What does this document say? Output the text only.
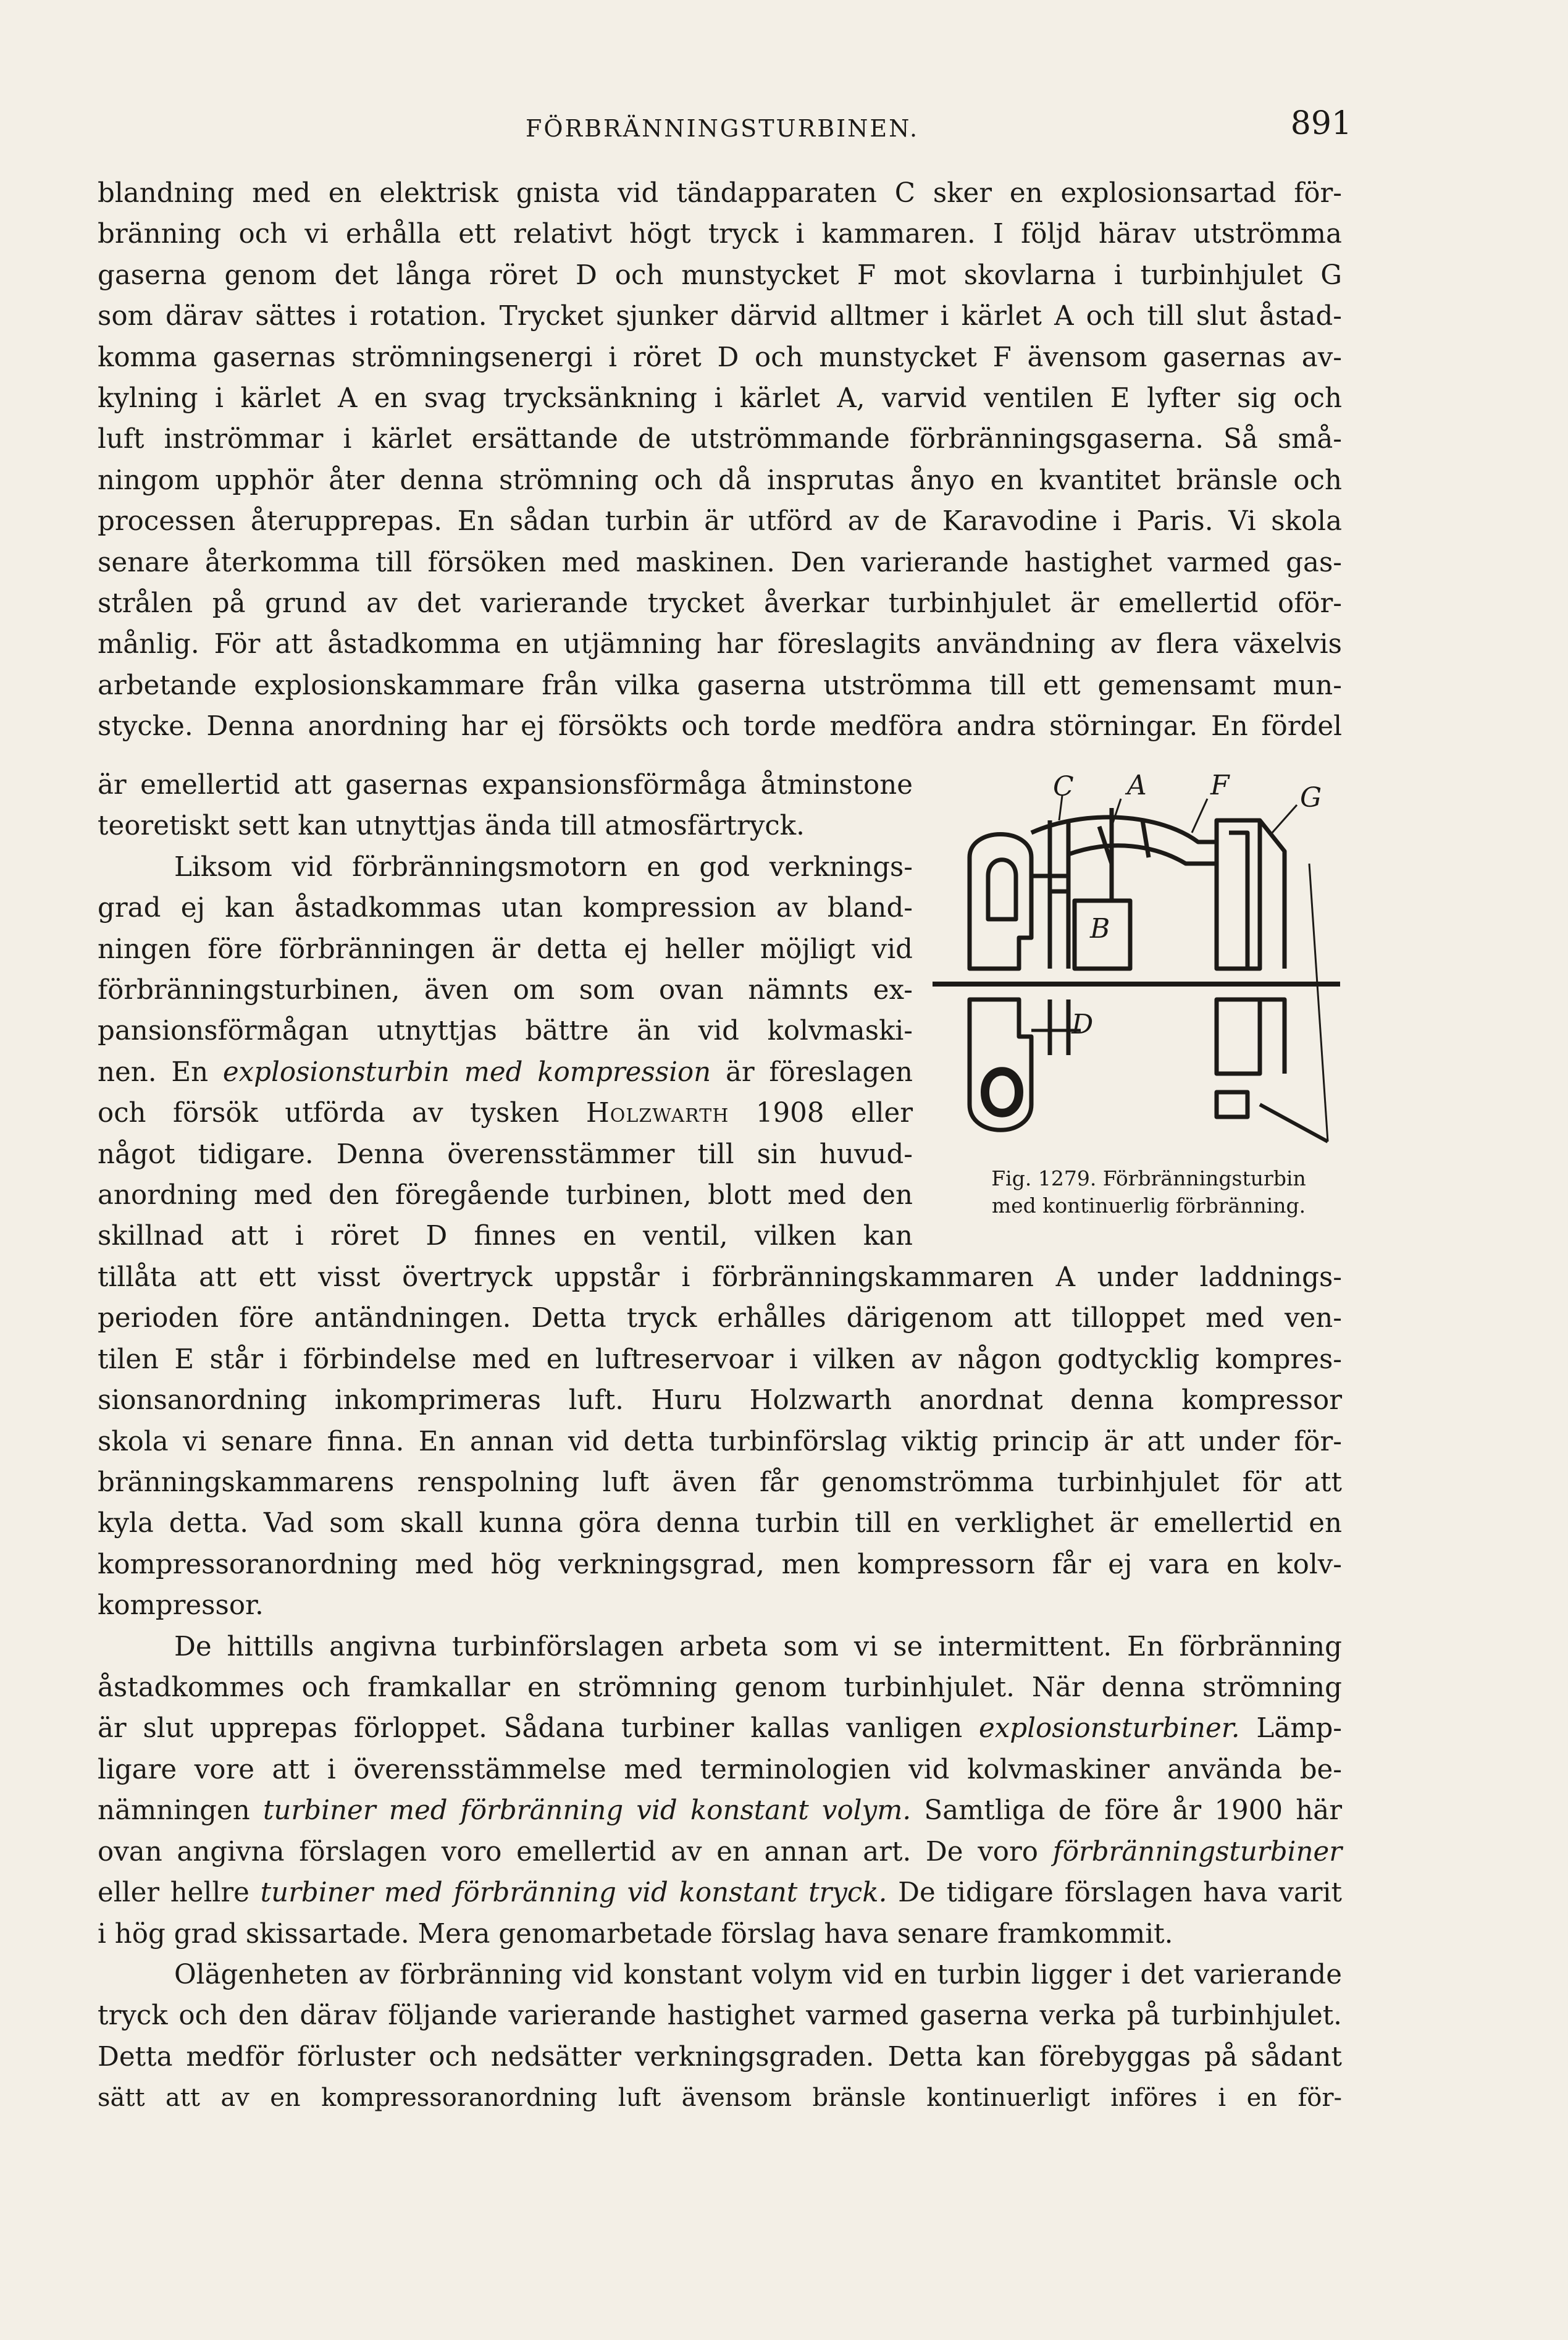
FÖRBRÄNNINGSTURBINEN.	891

blandning med en elektrisk gnista vid tändapparaten C sker en explosionsartad för-
bränning och vi erhålla ett relativt högt tryck i kammaren. I följd härav utströmma
gaserna genom det långa röret D och munstycket F mot skovlarna i turbinhjulet G
som därav sättes i rotation. Trycket sjunker därvid alltmer i kärlet A och till slut åstad-
komma gasernas strömningsenergi i röret D och munstycket F ävensom gasernas av-
kylning i kärlet A en svag trycksänkning i kärlet A, varvid ventilen E lyfter sig och
luft inströmmar i kärlet ersättande de utströmmande förbränningsgaserna. Så små-
ningom upphör åter denna strömning och då insprutas ånyo en kvantitet bränsle och
processen återupprepas. En sådan turbin är utförd av de Karavodine i Paris. Vi skola
senare återkomma till försöken med maskinen. Den varierande hastighet varmed gas-
strålen på grund av det varierande trycket åverkar turbinhjulet är emellertid oför-
månlig. För att åstadkomma en utjämning har föreslagits användning av flera växelvis
arbetande explosionskammare från vilka gaserna utströmma till ett gemensamt mun-
stycke. Denna anordning har ej försökts och torde medföra andra störningar. En fördel

är emellertid att gasernas expansionsförmåga åtminstone
teoretiskt sett kan utnyttjas ända till atmosfärtryck.
Liksom vid förbränningsmotorn en god verknings-
grad ej kan åstadkommas utan kompression av bland-
ningen före förbränningen är detta ej heller möjligt vid
förbränningsturbinen, även om som ovan nämnts ex-
pansionsförmågan utnyttjas bättre än vid kolvmaski-
nen. En explosionsturbin med kompression är föreslagen
och försök utförda av tysken Holzwarth 1908 eller
något tidigare. Denna överensstämmer till sin huvud-
anordning med den föregående turbinen, blott med den
skillnad att i röret D finnes en ventil, vilken kan
C A F	G
B
D
Fig. 1279. Förbränningsturbin
med kontinuerlig förbränning.

tillåta att ett visst övertryck uppstår i förbränningskammaren A under laddnings-
perioden före antändningen. Detta tryck erhålles därigenom att tilloppet med ven-
tilen E står i förbindelse med en luftreservoar i vilken av någon godtycklig kompres-
sionsanordning inkomprimeras luft. Huru Holzwarth anordnat denna kompressor
skola vi senare finna. En annan vid detta turbinförslag viktig princip är att under för-
bränningskammarens renspolning luft även får genomströmma turbinhjulet för att
kyla detta. Vad som skall kunna göra denna turbin till en verklighet är emellertid en
kompressoranordning med hög verkningsgrad, men kompressorn får ej vara en kolv-
kompressor.

De hittills angivna turbinförslagen arbeta som vi se intermittent. En förbränning
åstadkommes och framkallar en strömning genom turbinhjulet. När denna strömning
är slut upprepas förloppet. Sådana turbiner kallas vanligen explosionsturbiner. Lämp-
ligare vore att i överensstämmelse med terminologien vid kolvmaskiner använda be-
nämningen turbiner med förbränning vid konstant volym. Samtliga de före år 1900 här
ovan angivna förslagen voro emellertid av en annan art. De voro förbränningsturbiner
eller hellre turbiner med förbränning vid konstant tryck. De tidigare förslagen hava varit
i hög grad skissartade. Mera genomarbetade förslag hava senare framkommit.

Olägenheten av förbränning vid konstant volym vid en turbin ligger i det varierande
tryck och den därav följande varierande hastighet varmed gaserna verka på turbinhjulet.
Detta medför förluster och nedsätter verkningsgraden. Detta kan förebyggas på sådant
sätt att av en kompressoranordning luft ävensom bränsle kontinuerligt införes i en för-
